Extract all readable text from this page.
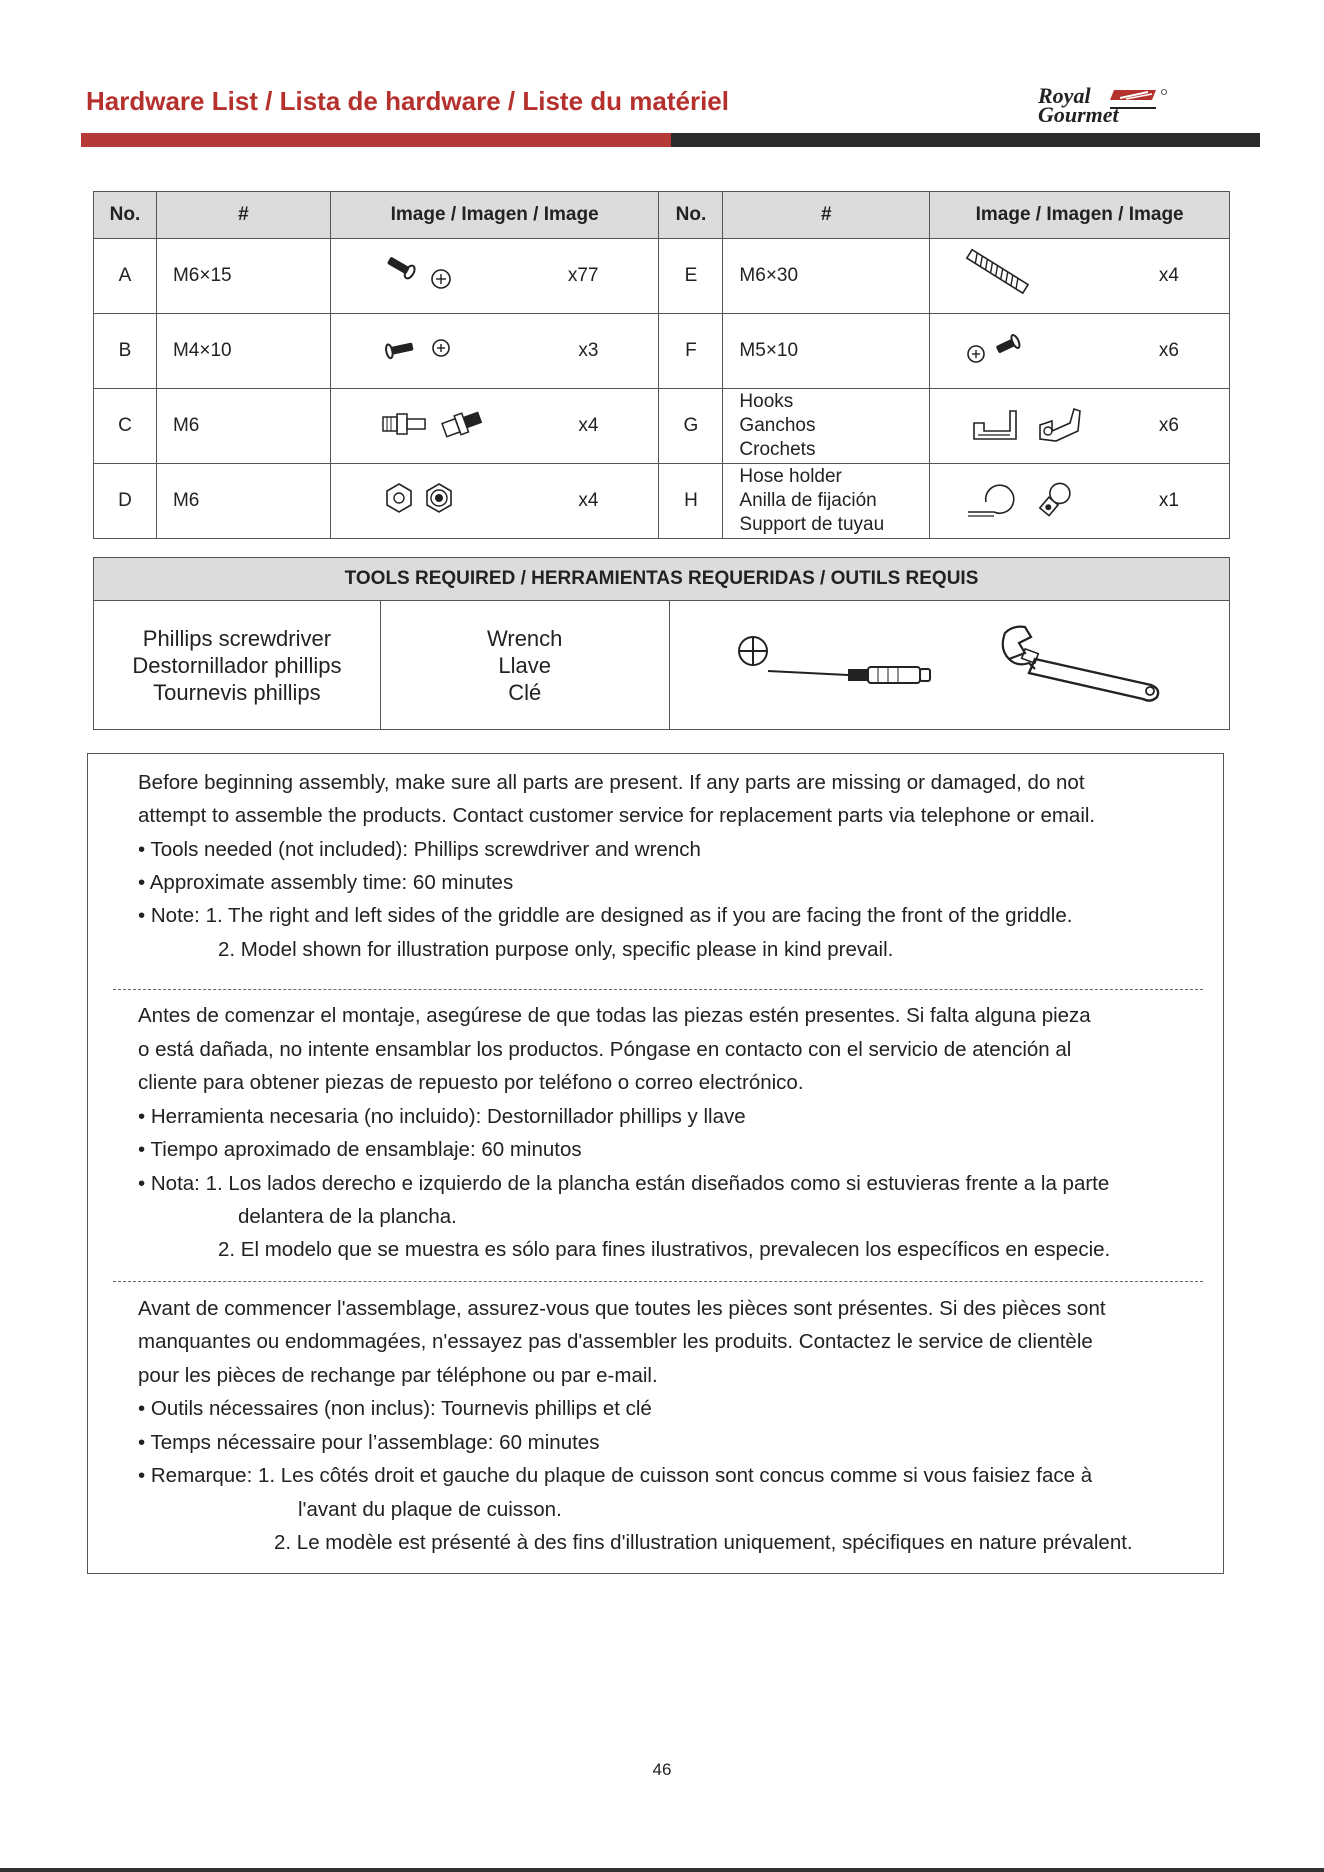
Hardware List / Lista de hardware / Liste du matériel	Royal
Gourmet
No.	#	Image / Imagen / Image	No.	#	Image / Imagen / Image
A	M6×15	x77	E	M6×30	x4

B	M4×10	x3	F	M5×10	x6

C	M6	x4	G	Hooks
Ganchos
Crochets	x6

D	M6	x4	H	Hose holder
Anilla de fijación
Support de tuyau	x1
TOOLS REQUIRED / HERRAMIENTAS REQUERIDAS / OUTILS REQUIS

Phillips screwdriver
Destornillador phillips
Tournevis phillips

Wrench
Llave
Clé

Before beginning assembly, make sure all parts are present. If any parts are missing or damaged, do not
attempt to assemble the products. Contact customer service for replacement parts via telephone or email.
• Tools needed (not included): Phillips screwdriver and wrench
• Approximate assembly time: 60 minutes
• Note: 1. The right and left sides of the griddle are designed as if you are facing the front of the griddle.
2. Model shown for illustration purpose only, specific please in kind prevail.
Antes de comenzar el montaje, asegúrese de que todas las piezas estén presentes. Si falta alguna pieza
o está dañada, no intente ensamblar los productos. Póngase en contacto con el servicio de atención al
cliente para obtener piezas de repuesto por teléfono o correo electrónico.
• Herramienta necesaria (no incluido): Destornillador phillips y llave
• Tiempo aproximado de ensamblaje: 60 minutos
• Nota: 1. Los lados derecho e izquierdo de la plancha están diseñados como si estuvieras frente a la parte
delantera de la plancha.
2. El modelo que se muestra es sólo para fines ilustrativos, prevalecen los específicos en especie.
Avant de commencer l'assemblage, assurez-vous que toutes les pièces sont présentes. Si des pièces sont
manquantes ou endommagées, n'essayez pas d'assembler les produits. Contactez le service de clientèle
pour les pièces de rechange par téléphone ou par e-mail.
• Outils nécessaires (non inclus): Tournevis phillips et clé
• Temps nécessaire pour l’assemblage: 60 minutes
• Remarque: 1. Les côtés droit et gauche du plaque de cuisson sont concus comme si vous faisiez face à
l'avant du plaque de cuisson.
2. Le modèle est présenté à des fins d'illustration uniquement, spécifiques en nature prévalent.
46
